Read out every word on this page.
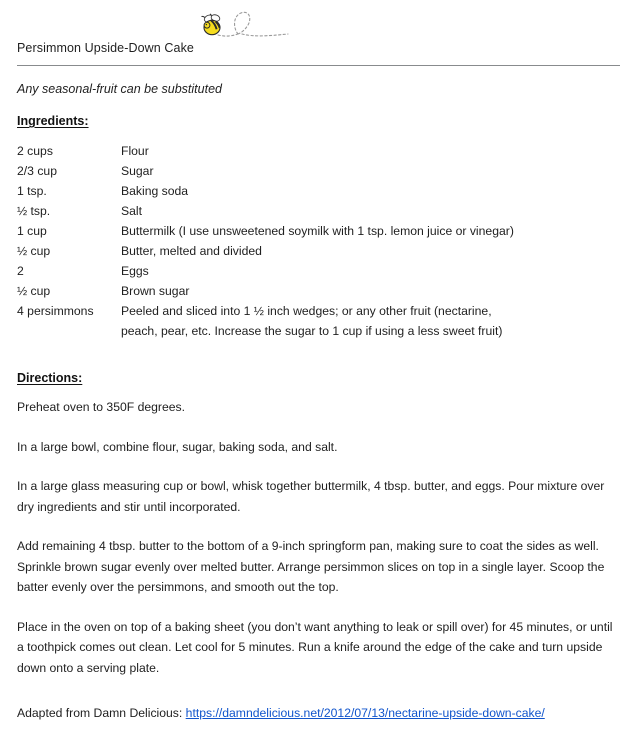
Persimmon Upside-Down Cake
Any seasonal-fruit can be substituted
Ingredients:
2 cups	Flour
2/3 cup	Sugar
1 tsp.	Baking soda
½ tsp.	Salt
1 cup	Buttermilk (I use unsweetened soymilk with 1 tsp. lemon juice or vinegar)
½ cup	Butter, melted and divided
2	Eggs
½ cup	Brown sugar
4 persimmons	Peeled and sliced into 1 ½ inch wedges; or any other fruit (nectarine,
peach, pear, etc. Increase the sugar to 1 cup if using a less sweet fruit)
Directions:

Preheat oven to 350F degrees.

In a large bowl, combine flour, sugar, baking soda, and salt.

In a large glass measuring cup or bowl, whisk together buttermilk, 4 tbsp. butter, and eggs. Pour mixture over dry ingredients and stir until incorporated.

Add remaining 4 tbsp. butter to the bottom of a 9-inch springform pan, making sure to coat the sides as well. Sprinkle brown sugar evenly over melted butter. Arrange persimmon slices on top in a single layer. Scoop the batter evenly over the persimmons, and smooth out the top.

Place in the oven on top of a baking sheet (you don’t want anything to leak or spill over) for 45 minutes, or until a toothpick comes out clean. Let cool for 5 minutes. Run a knife around the edge of the cake and turn upside down onto a serving plate.

Adapted from Damn Delicious: https://damndelicious.net/2012/07/13/nectarine-upside-down-cake/
